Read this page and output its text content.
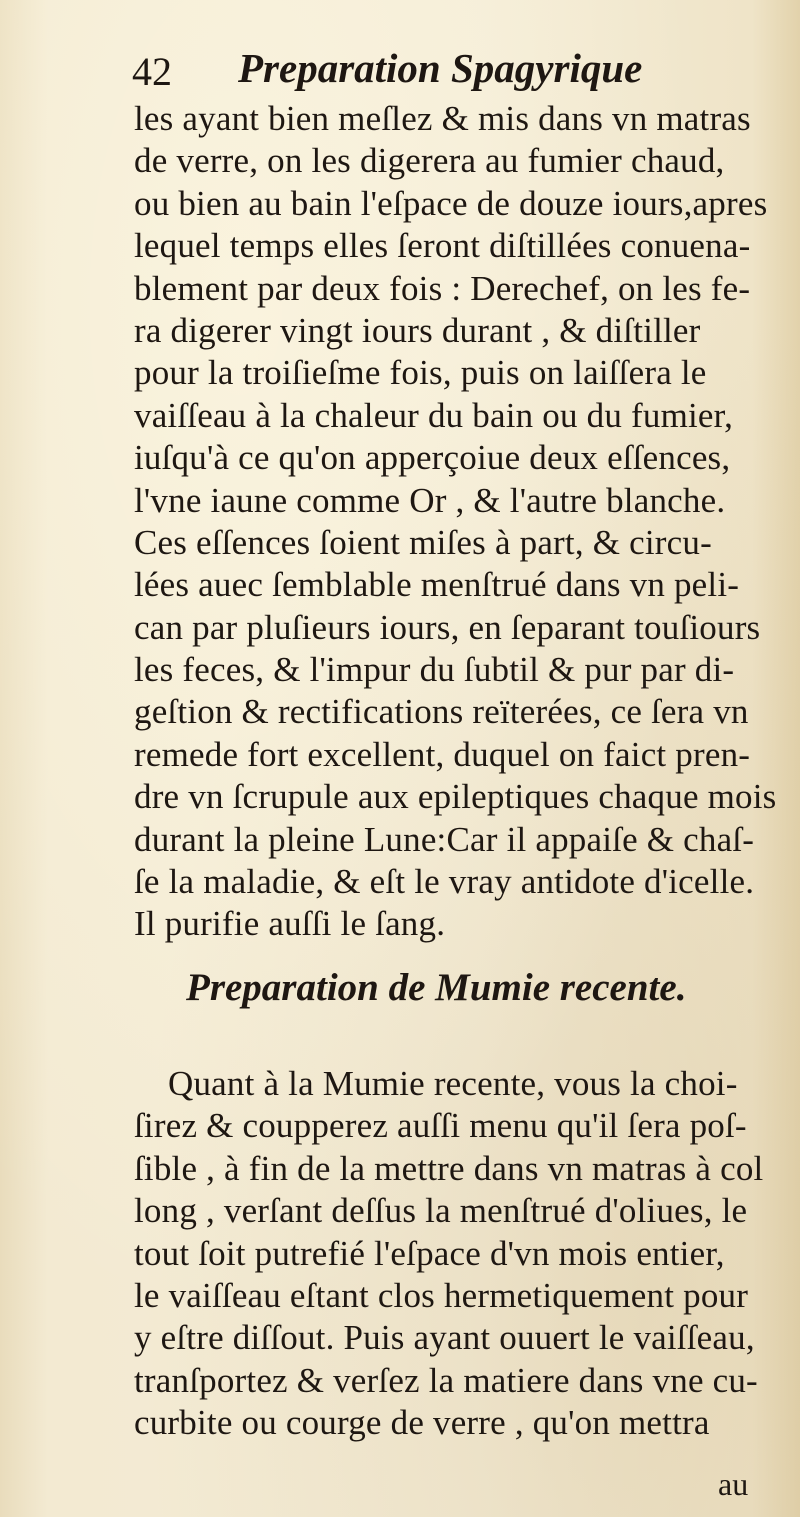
42 Preparation Spagyrique

les ayant bien meſlez & mis dans vn matras
de verre, on les digerera au fumier chaud,
ou bien au bain l'eſpace de douze iours,apres
lequel temps elles ſeront diſtillées conuena-
blement par deux fois : Derechef, on les fe-
ra digerer vingt iours durant , & diſtiller
pour la troiſieſme fois, puis on laiſſera le
vaiſſeau à la chaleur du bain ou du fumier,
iuſqu'à ce qu'on apperçoiue deux eſſences,
l'vne iaune comme Or , & l'autre blanche.
Ces eſſences ſoient miſes à part, & circu-
lées auec ſemblable menſtrué dans vn peli-
can par pluſieurs iours, en ſeparant touſiours
les feces, & l'impur du ſubtil & pur par di-
geſtion & rectifications reïterées, ce ſera vn
remede fort excellent, duquel on faict pren-
dre vn ſcrupule aux epileptiques chaque mois
durant la pleine Lune:Car il appaiſe & chaſ-
ſe la maladie, & eſt le vray antidote d'icelle.
Il purifie auſſi le ſang.

Preparation de Mumie recente.

Quant à la Mumie recente, vous la choi-
ſirez & coupperez auſſi menu qu'il ſera poſ-
ſible , à fin de la mettre dans vn matras à col
long , verſant deſſus la menſtrué d'oliues, le
tout ſoit putrefié l'eſpace d'vn mois entier,
le vaiſſeau eſtant clos hermetiquement pour
y eſtre diſſout. Puis ayant ouuert le vaiſſeau,
tranſportez & verſez la matiere dans vne cu-
curbite ou courge de verre , qu'on mettra

au
